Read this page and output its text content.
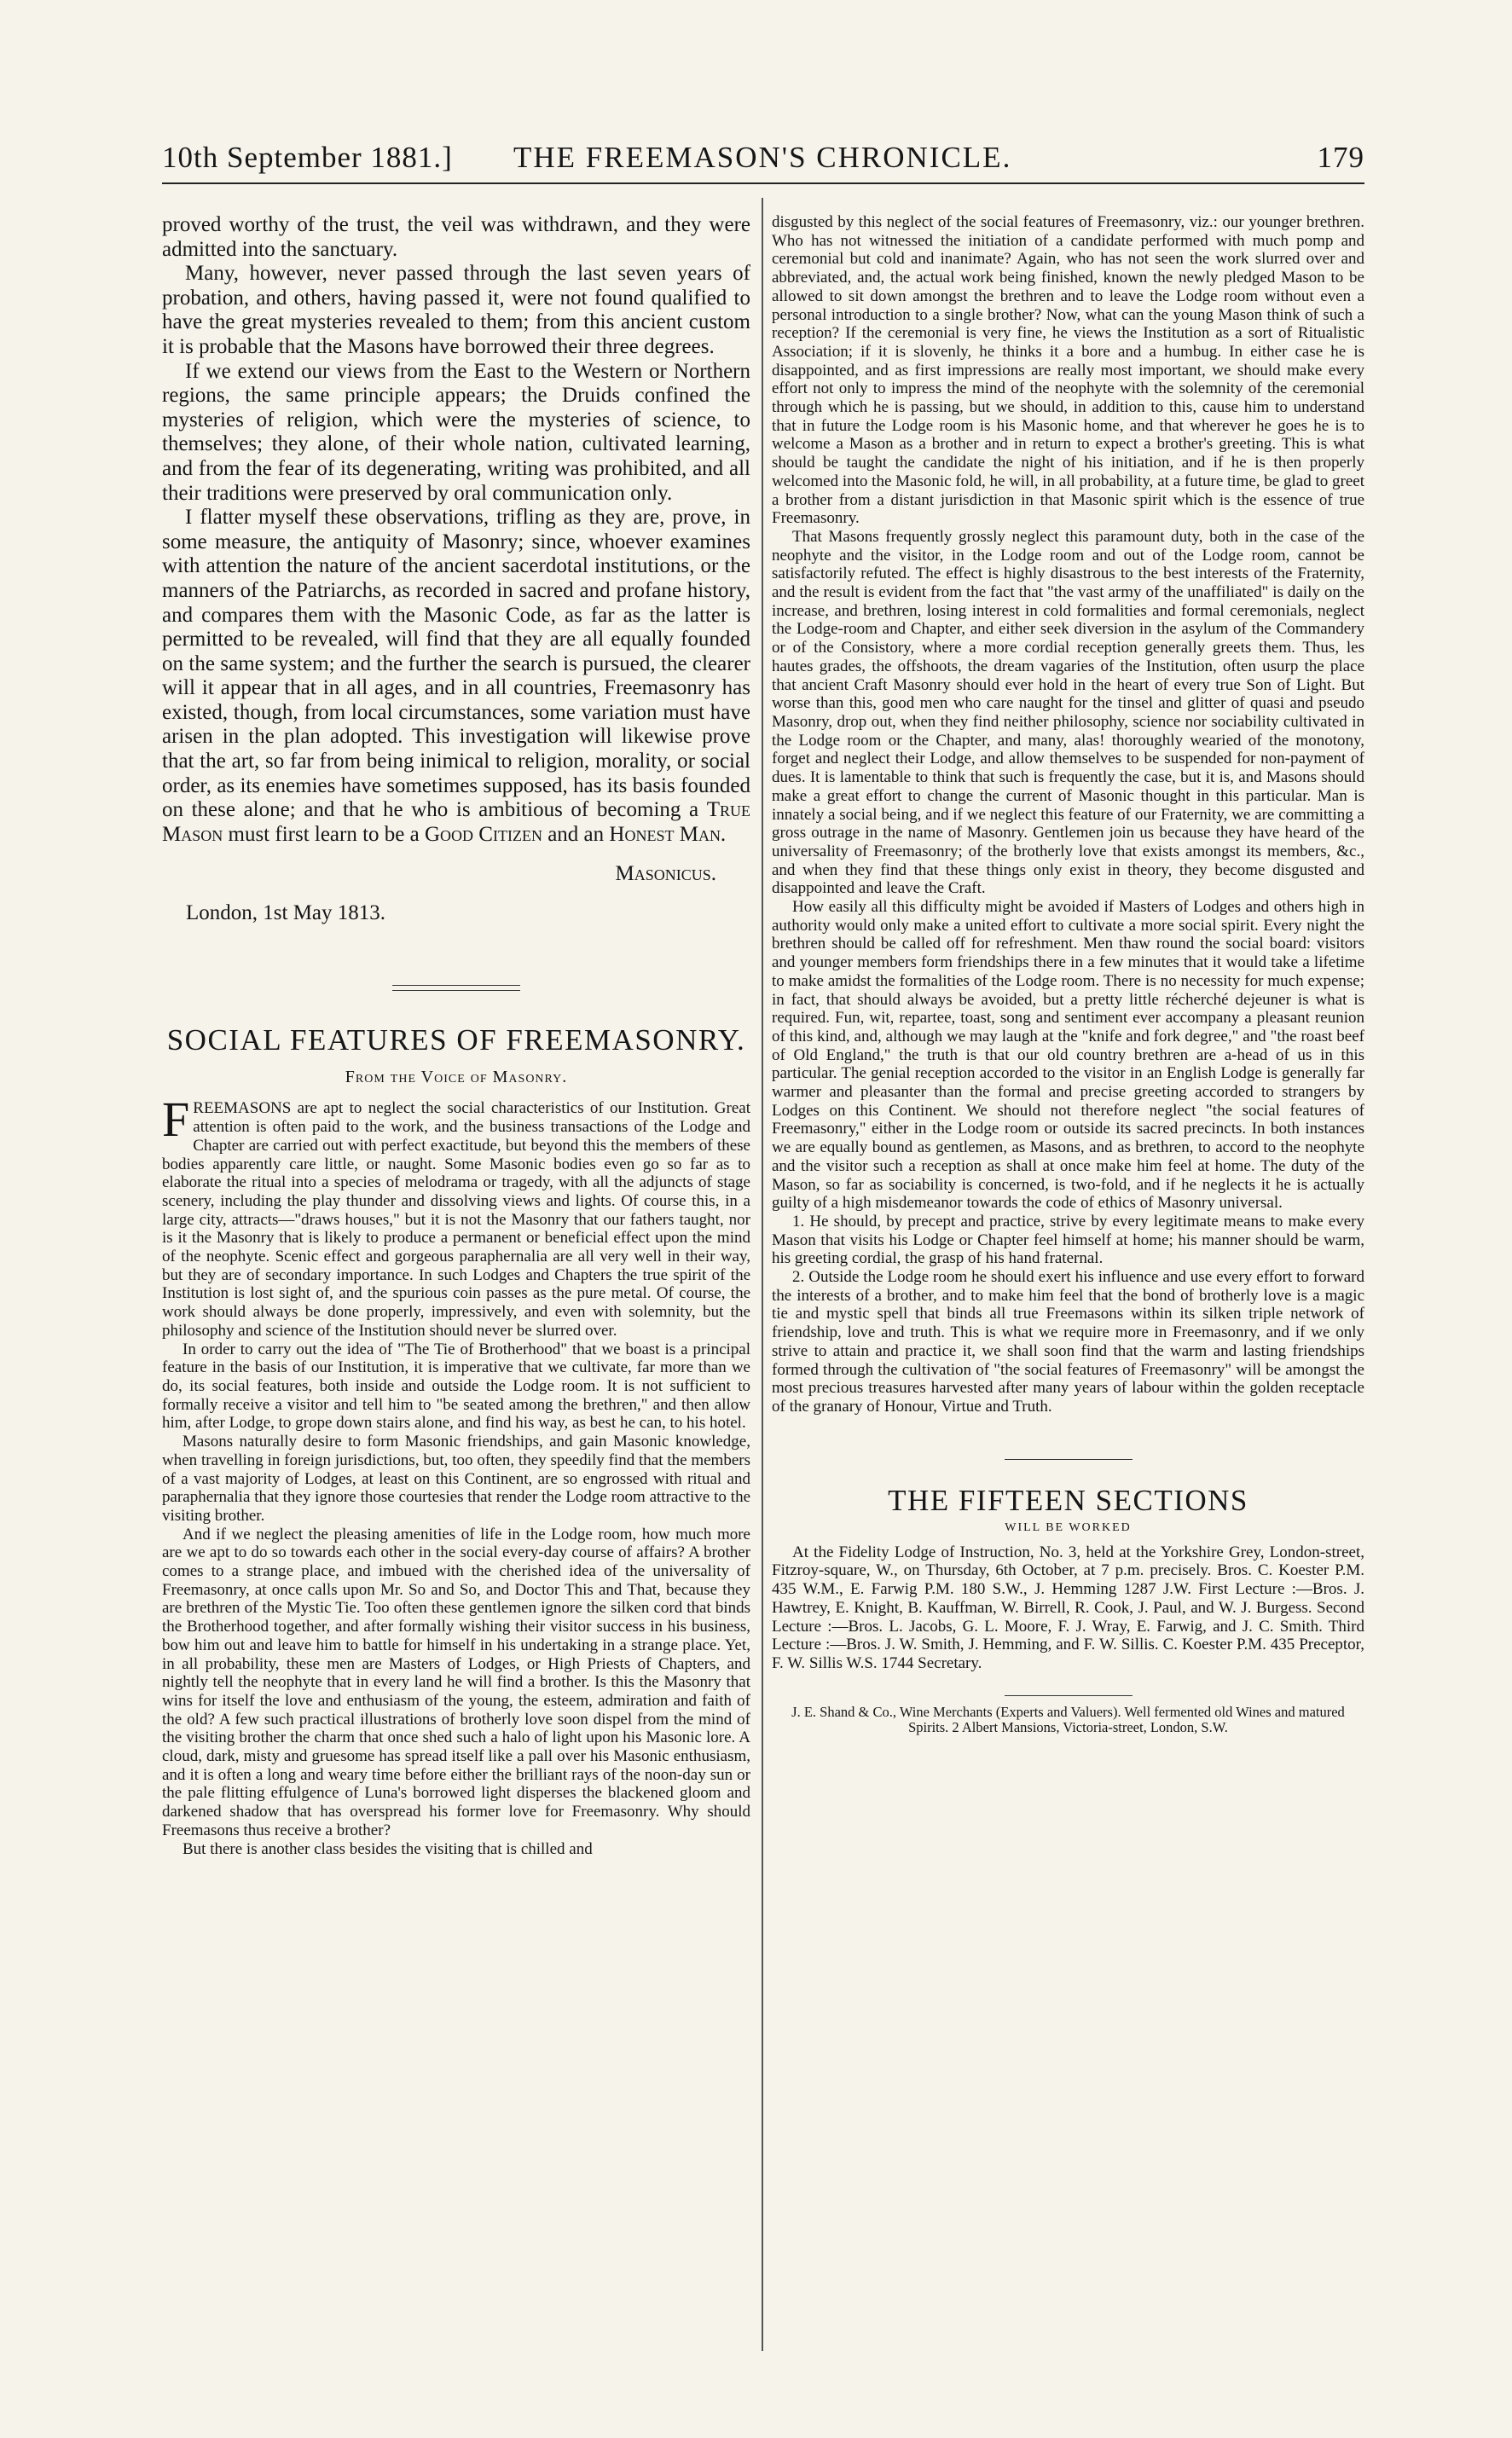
10th September 1881.] THE FREEMASON'S CHRONICLE.	179

proved worthy of the trust, the veil was withdrawn, and they were admitted into the sanctuary.

Many, however, never passed through the last seven years of probation, and others, having passed it, were not found qualified to have the great mysteries revealed to them; from this ancient custom it is probable that the Masons have borrowed their three degrees.

If we extend our views from the East to the Western or Northern regions, the same principle appears; the Druids confined the mysteries of religion, which were the mysteries of science, to themselves; they alone, of their whole nation, cultivated learning, and from the fear of its degenerating, writing was prohibited, and all their traditions were preserved by oral communication only.

I flatter myself these observations, trifling as they are, prove, in some measure, the antiquity of Masonry; since, whoever examines with attention the nature of the ancient sacerdotal institutions, or the manners of the Patriarchs, as recorded in sacred and profane history, and compares them with the Masonic Code, as far as the latter is permitted to be revealed, will find that they are all equally founded on the same system; and the further the search is pursued, the clearer will it appear that in all ages, and in all countries, Freemasonry has existed, though, from local circumstances, some variation must have arisen in the plan adopted. This investigation will likewise prove that the art, so far from being inimical to religion, morality, or social order, as its enemies have sometimes supposed, has its basis founded on these alone; and that he who is ambitious of becoming a True Mason must first learn to be a Good Citizen and an Honest Man.

Masonicus.
London, 1st May 1813.
SOCIAL FEATURES OF FREEMASONRY.
From the Voice of Masonry.

FREEMASONS are apt to neglect the social characteristics of our Institution. Great attention is often paid to the work, and the business transactions of the Lodge and Chapter are carried out with perfect exactitude, but beyond this the members of these bodies apparently care little, or naught. Some Masonic bodies even go so far as to elaborate the ritual into a species of melodrama or tragedy, with all the adjuncts of stage scenery, including the play thunder and dissolving views and lights. Of course this, in a large city, attracts—"draws houses," but it is not the Masonry that our fathers taught, nor is it the Masonry that is likely to produce a permanent or beneficial effect upon the mind of the neophyte. Scenic effect and gorgeous paraphernalia are all very well in their way, but they are of secondary importance. In such Lodges and Chapters the true spirit of the Institution is lost sight of, and the spurious coin passes as the pure metal. Of course, the work should always be done properly, impressively, and even with solemnity, but the philosophy and science of the Institution should never be slurred over.

In order to carry out the idea of "The Tie of Brotherhood" that we boast is a principal feature in the basis of our Institution, it is imperative that we cultivate, far more than we do, its social features, both inside and outside the Lodge room. It is not sufficient to formally receive a visitor and tell him to "be seated among the brethren," and then allow him, after Lodge, to grope down stairs alone, and find his way, as best he can, to his hotel.

Masons naturally desire to form Masonic friendships, and gain Masonic knowledge, when travelling in foreign jurisdictions, but, too often, they speedily find that the members of a vast majority of Lodges, at least on this Continent, are so engrossed with ritual and paraphernalia that they ignore those courtesies that render the Lodge room attractive to the visiting brother.

And if we neglect the pleasing amenities of life in the Lodge room, how much more are we apt to do so towards each other in the social every-day course of affairs? A brother comes to a strange place, and imbued with the cherished idea of the universality of Freemasonry, at once calls upon Mr. So and So, and Doctor This and That, because they are brethren of the Mystic Tie. Too often these gentlemen ignore the silken cord that binds the Brotherhood together, and after formally wishing their visitor success in his business, bow him out and leave him to battle for himself in his undertaking in a strange place. Yet, in all probability, these men are Masters of Lodges, or High Priests of Chapters, and nightly tell the neophyte that in every land he will find a brother. Is this the Masonry that wins for itself the love and enthusiasm of the young, the esteem, admiration and faith of the old? A few such practical illustrations of brotherly love soon dispel from the mind of the visiting brother the charm that once shed such a halo of light upon his Masonic lore. A cloud, dark, misty and gruesome has spread itself like a pall over his Masonic enthusiasm, and it is often a long and weary time before either the brilliant rays of the noon-day sun or the pale flitting effulgence of Luna's borrowed light disperses the blackened gloom and darkened shadow that has overspread his former love for Freemasonry. Why should Freemasons thus receive a brother?

But there is another class besides the visiting that is chilled and

disgusted by this neglect of the social features of Freemasonry, viz.: our younger brethren. Who has not witnessed the initiation of a candidate performed with much pomp and ceremonial but cold and inanimate? Again, who has not seen the work slurred over and abbreviated, and, the actual work being finished, known the newly pledged Mason to be allowed to sit down amongst the brethren and to leave the Lodge room without even a personal introduction to a single brother? Now, what can the young Mason think of such a reception? If the ceremonial is very fine, he views the Institution as a sort of Ritualistic Association; if it is slovenly, he thinks it a bore and a humbug. In either case he is disappointed, and as first impressions are really most important, we should make every effort not only to impress the mind of the neophyte with the solemnity of the ceremonial through which he is passing, but we should, in addition to this, cause him to understand that in future the Lodge room is his Masonic home, and that wherever he goes he is to welcome a Mason as a brother and in return to expect a brother's greeting. This is what should be taught the candidate the night of his initiation, and if he is then properly welcomed into the Masonic fold, he will, in all probability, at a future time, be glad to greet a brother from a distant jurisdiction in that Masonic spirit which is the essence of true Freemasonry.

That Masons frequently grossly neglect this paramount duty, both in the case of the neophyte and the visitor, in the Lodge room and out of the Lodge room, cannot be satisfactorily refuted. The effect is highly disastrous to the best interests of the Fraternity, and the result is evident from the fact that "the vast army of the unaffiliated" is daily on the increase, and brethren, losing interest in cold formalities and formal ceremonials, neglect the Lodge-room and Chapter, and either seek diversion in the asylum of the Commandery or of the Consistory, where a more cordial reception generally greets them. Thus, les hautes grades, the offshoots, the dream vagaries of the Institution, often usurp the place that ancient Craft Masonry should ever hold in the heart of every true Son of Light. But worse than this, good men who care naught for the tinsel and glitter of quasi and pseudo Masonry, drop out, when they find neither philosophy, science nor sociability cultivated in the Lodge room or the Chapter, and many, alas! thoroughly wearied of the monotony, forget and neglect their Lodge, and allow themselves to be suspended for non-payment of dues. It is lamentable to think that such is frequently the case, but it is, and Masons should make a great effort to change the current of Masonic thought in this particular. Man is innately a social being, and if we neglect this feature of our Fraternity, we are committing a gross outrage in the name of Masonry. Gentlemen join us because they have heard of the universality of Freemasonry; of the brotherly love that exists amongst its members, &c., and when they find that these things only exist in theory, they become disgusted and disappointed and leave the Craft.

How easily all this difficulty might be avoided if Masters of Lodges and others high in authority would only make a united effort to cultivate a more social spirit. Every night the brethren should be called off for refreshment. Men thaw round the social board: visitors and younger members form friendships there in a few minutes that it would take a lifetime to make amidst the formalities of the Lodge room. There is no necessity for much expense; in fact, that should always be avoided, but a pretty little récherché dejeuner is what is required. Fun, wit, repartee, toast, song and sentiment ever accompany a pleasant reunion of this kind, and, although we may laugh at the "knife and fork degree," and "the roast beef of Old England," the truth is that our old country brethren are a-head of us in this particular. The genial reception accorded to the visitor in an English Lodge is generally far warmer and pleasanter than the formal and precise greeting accorded to strangers by Lodges on this Continent. We should not therefore neglect "the social features of Freemasonry," either in the Lodge room or outside its sacred precincts. In both instances we are equally bound as gentlemen, as Masons, and as brethren, to accord to the neophyte and the visitor such a reception as shall at once make him feel at home. The duty of the Mason, so far as sociability is concerned, is two-fold, and if he neglects it he is actually guilty of a high misdemeanor towards the code of ethics of Masonry universal.

1. He should, by precept and practice, strive by every legitimate means to make every Mason that visits his Lodge or Chapter feel himself at home; his manner should be warm, his greeting cordial, the grasp of his hand fraternal.

2. Outside the Lodge room he should exert his influence and use every effort to forward the interests of a brother, and to make him feel that the bond of brotherly love is a magic tie and mystic spell that binds all true Freemasons within its silken triple network of friendship, love and truth. This is what we require more in Freemasonry, and if we only strive to attain and practice it, we shall soon find that the warm and lasting friendships formed through the cultivation of "the social features of Freemasonry" will be amongst the most precious treasures harvested after many years of labour within the golden receptacle of the granary of Honour, Virtue and Truth.

THE FIFTEEN SECTIONS
WILL BE WORKED

At the Fidelity Lodge of Instruction, No. 3, held at the Yorkshire Grey, London-street, Fitzroy-square, W., on Thursday, 6th October, at 7 p.m. precisely. Bros. C. Koester P.M. 435 W.M., E. Farwig P.M. 180 S.W., J. Hemming 1287 J.W. First Lecture :—Bros. J. Hawtrey, E. Knight, B. Kauffman, W. Birrell, R. Cook, J. Paul, and W. J. Burgess. Second Lecture :—Bros. L. Jacobs, G. L. Moore, F. J. Wray, E. Farwig, and J. C. Smith. Third Lecture :—Bros. J. W. Smith, J. Hemming, and F. W. Sillis. C. Koester P.M. 435 Preceptor, F. W. Sillis W.S. 1744 Secretary.

J. E. Shand & Co., Wine Merchants (Experts and Valuers). Well fermented old Wines and matured Spirits. 2 Albert Mansions, Victoria-street, London, S.W.
